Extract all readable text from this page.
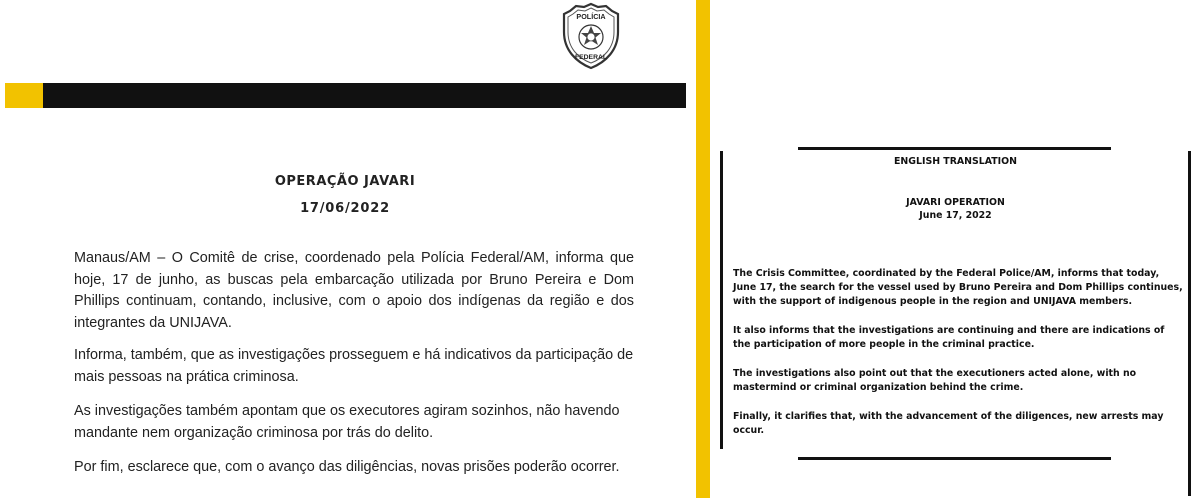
POLÍCIA
FEDERAL
OPERAÇÃO JAVARI
17/06/2022

Manaus/AM – O Comitê de crise, coordenado pela Polícia Federal/AM, informa que hoje, 17 de junho, as buscas pela embarcação utilizada por Bruno Pereira e Dom Phillips continuam, contando, inclusive, com o apoio dos indígenas da região e dos integrantes da UNIJAVA.

Informa, também, que as investigações prosseguem e há indicativos da participação de mais pessoas na prática criminosa.

As investigações também apontam que os executores agiram sozinhos, não havendo mandante nem organização criminosa por trás do delito.

Por fim, esclarece que, com o avanço das diligências, novas prisões poderão ocorrer.

ENGLISH TRANSLATION
JAVARI OPERATION
June 17, 2022

The Crisis Committee, coordinated by the Federal Police/AM, informs that today, June 17, the search for the vessel used by Bruno Pereira and Dom Phillips continues, with the support of indigenous people in the region and UNIJAVA members.

It also informs that the investigations are continuing and there are indications of the participation of more people in the criminal practice.

The investigations also point out that the executioners acted alone, with no mastermind or criminal organization behind the crime.

Finally, it clarifies that, with the advancement of the diligences, new arrests may occur.
